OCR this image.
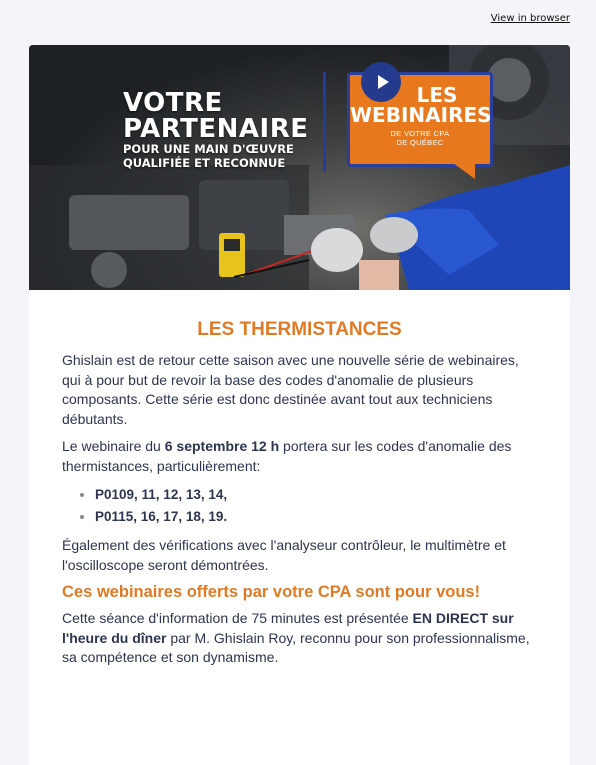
View in browser
VOTRE
PARTENAIRE
POUR UNE MAIN D'ŒUVRE
QUALIFIÉE ET RECONNUE
LES
WEBINAIRES
DE VOTRE CPA
DE QUÉBEC
LES THERMISTANCES

Ghislain est de retour cette saison avec une nouvelle série de webinaires, qui à pour but de revoir la base des codes d'anomalie de plusieurs composants. Cette série est donc destinée avant tout aux techniciens débutants.

Le webinaire du 6 septembre 12 h portera sur les codes d'anomalie des thermistances, particulièrement:

• P0109, 11, 12, 13, 14,
• P0115, 16, 17, 18, 19.

Également des vérifications avec l'analyseur contrôleur, le multimètre et l'oscilloscope seront démontrées.

Ces webinaires offerts par votre CPA sont pour vous!

Cette séance d'information de 75 minutes est présentée EN DIRECT sur l'heure du dîner par M. Ghislain Roy, reconnu pour son professionnalisme, sa compétence et son dynamisme.
